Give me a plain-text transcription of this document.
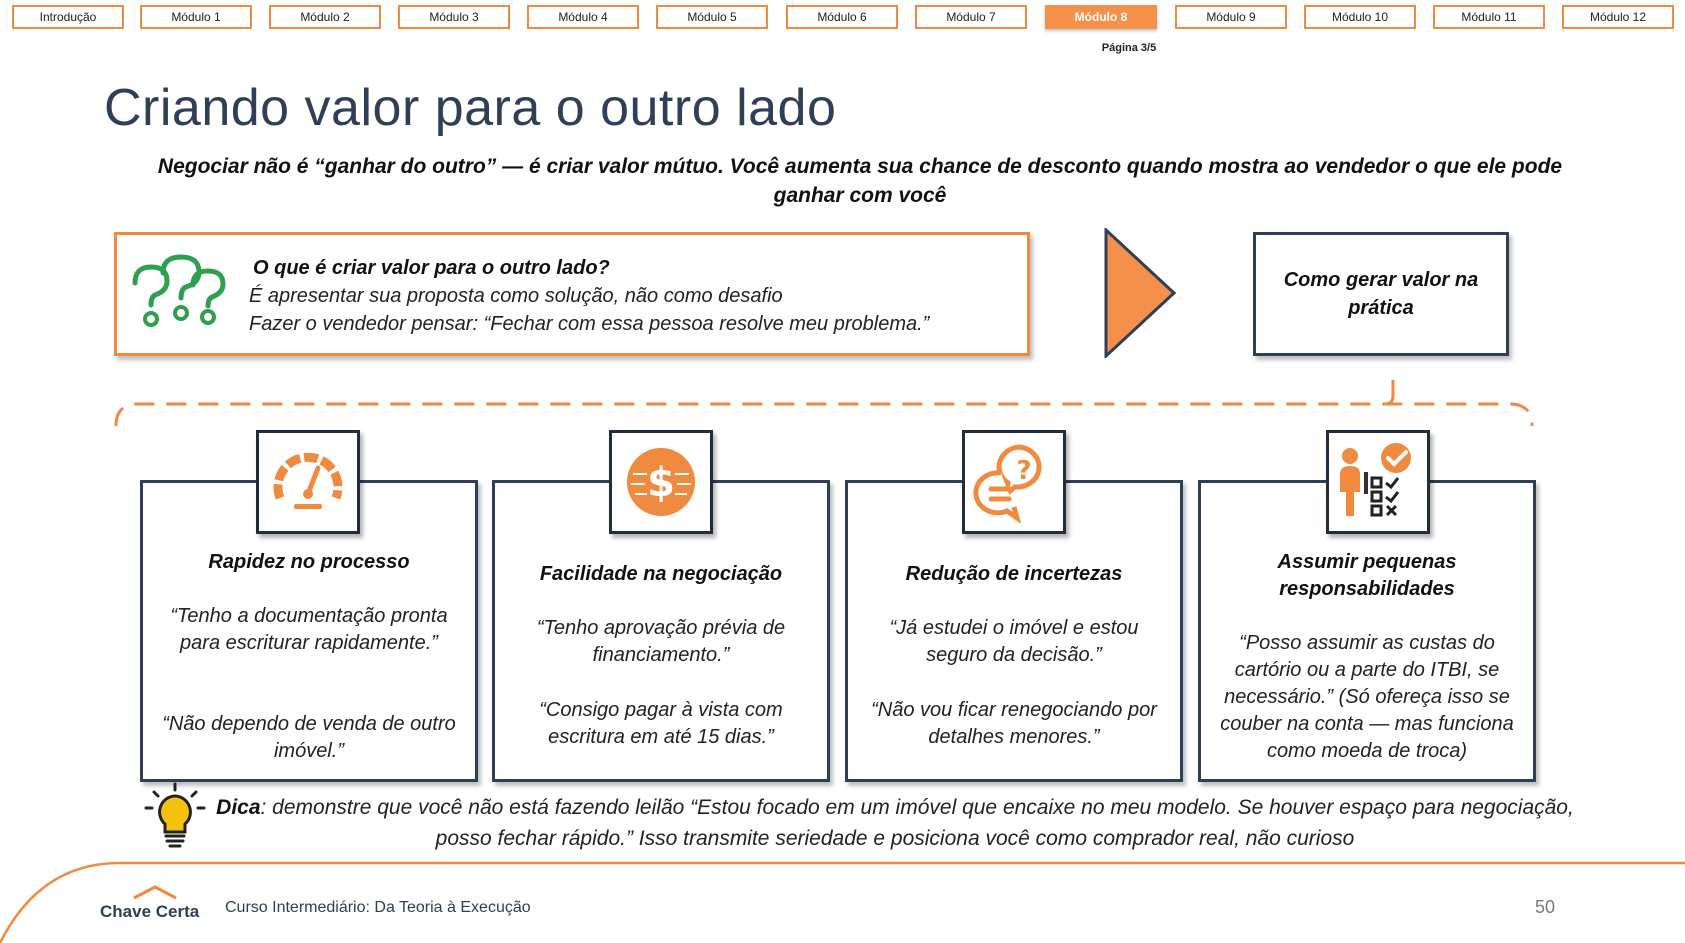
Introdução	Módulo 1	Módulo 2	Módulo 3	Módulo 4	Módulo 5	Módulo 6	Módulo 7	Módulo 8	Módulo 9	Módulo 10	Módulo 11	Módulo 12
Página 3/5
Criando valor para o outro lado
Negociar não é “ganhar do outro” — é criar valor mútuo. Você aumenta sua chance de desconto quando mostra ao vendedor o que ele pode ganhar com você
O que é criar valor para o outro lado?
É apresentar sua proposta como solução, não como desafio
Fazer o vendedor pensar: “Fechar com essa pessoa resolve meu problema.”
Como gerar valor na prática
Rapidez no processo
“Tenho a documentação pronta para escriturar rapidamente.”
“Não dependo de venda de outro imóvel.”
Facilidade na negociação
“Tenho aprovação prévia de financiamento.”
“Consigo pagar à vista com escritura em até 15 dias.”
$
Redução de incertezas
“Já estudei o imóvel e estou seguro da decisão.”
“Não vou ficar renegociando por detalhes menores.”
?
Assumir pequenas responsabilidades
“Posso assumir as custas do cartório ou a parte do ITBI, se necessário.” (Só ofereça isso se couber na conta — mas funciona como moeda de troca)
Dica: demonstre que você não está fazendo leilão “Estou focado em um imóvel que encaixe no meu modelo. Se houver espaço para negociação, posso fechar rápido.” Isso transmite seriedade e posiciona você como comprador real, não curioso
Chave Certa Curso Intermediário: Da Teoria à Execução	50
